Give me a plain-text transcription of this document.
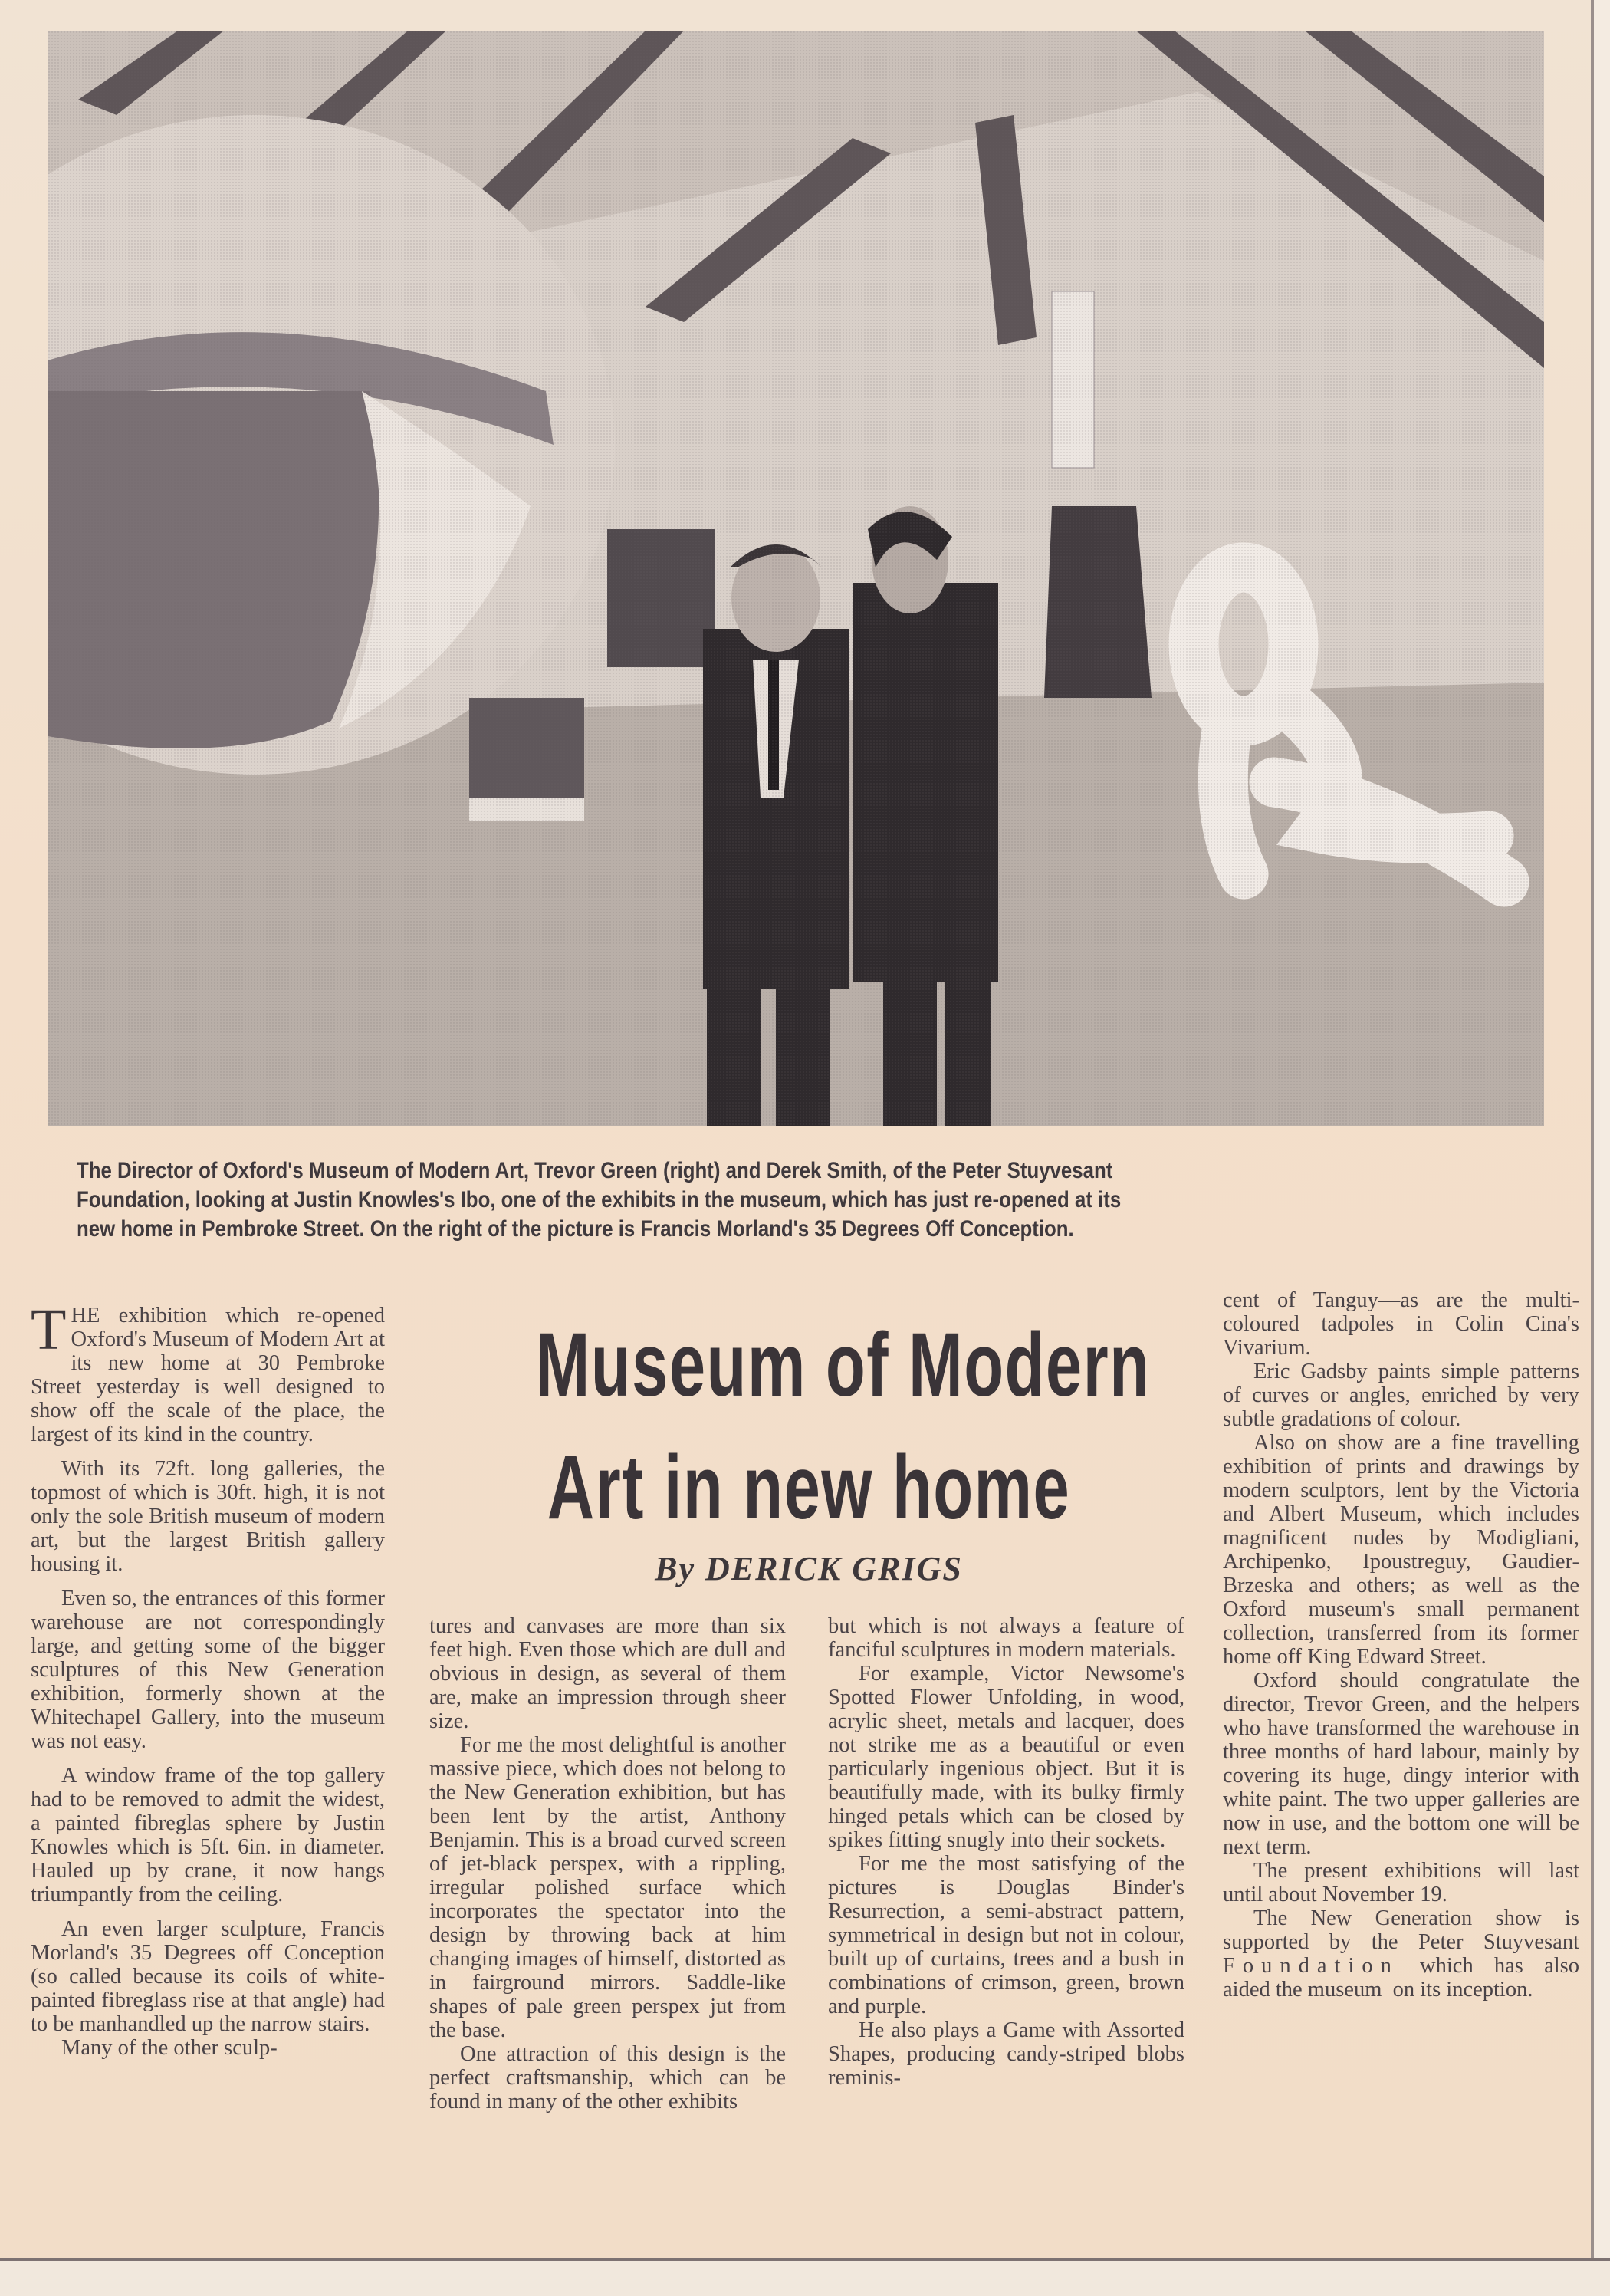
The Director of Oxford's Museum of Modern Art, Trevor Green (right) and Derek Smith, of the Peter Stuyvesant

Foundation, looking at Justin Knowles's Ibo, one of the exhibits in the museum, which has just re-opened at its

new home in Pembroke Street. On the right of the picture is Francis Morland's 35 Degrees Off Conception.

THE exhibition which re-opened Oxford's Museum of Modern Art at its new home at 30 Pembroke Street yesterday is well designed to show off the scale of the place, the largest of its kind in the country.

With its 72ft. long galleries, the topmost of which is 30ft. high, it is not only the sole British museum of modern art, but the largest British gallery housing it.

Even so, the entrances of this former warehouse are not correspondingly large, and getting some of the bigger sculptures of this New Generation exhibition, formerly shown at the Whitechapel Gallery, into the museum was not easy.

A window frame of the top gallery had to be removed to admit the widest, a painted fibreglas sphere by Justin Knowles which is 5ft. 6in. in diameter. Hauled up by crane, it now hangs triumpantly from the ceiling.

An even larger sculpture, Francis Morland's 35 Degrees off Conception (so called because its coils of white-painted fibreglass rise at that angle) had to be manhandled up the narrow stairs.

Many of the other sculp-

Museum of Modern
Art in new home
By DERICK GRIGS

tures and canvases are more than six feet high. Even those which are dull and obvious in design, as several of them are, make an impression through sheer size.

For me the most delightful is another massive piece, which does not belong to the New Generation exhibition, but has been lent by the artist, Anthony Benjamin. This is a broad curved screen of jet-black perspex, with a rippling, irregular polished surface which incorporates the spectator into the design by throwing back at him changing images of himself, distorted as in fairground mirrors. Saddle-like shapes of pale green perspex jut from the base.

One attraction of this design is the perfect craftsmanship, which can be found in many of the other exhibits

but which is not always a feature of fanciful sculptures in modern materials.

For example, Victor Newsome's Spotted Flower Unfolding, in wood, acrylic sheet, metals and lacquer, does not strike me as a beautiful or even particularly ingenious object. But it is beautifully made, with its bulky firmly hinged petals which can be closed by spikes fitting snugly into their sockets.

For me the most satisfying of the pictures is Douglas Binder's Resurrection, a semi-abstract pattern, symmetrical in design but not in colour, built up of curtains, trees and a bush in combinations of crimson, green, brown and purple.

He also plays a Game with Assorted Shapes, producing candy-striped blobs reminis-

cent of Tanguy—as are the multi-coloured tadpoles in Colin Cina's Vivarium.

Eric Gadsby paints simple patterns of curves or angles, enriched by very subtle gradations of colour.

Also on show are a fine travelling exhibition of prints and drawings by modern sculptors, lent by the Victoria and Albert Museum, which includes magnificent nudes by Modigliani, Archipenko, Ipoustreguy, Gaudier-Brzeska and others; as well as the Oxford museum's small permanent collection, transferred from its former home off King Edward Street.

Oxford should congratulate the director, Trevor Green, and the helpers who have transformed the warehouse in three months of hard labour, mainly by covering its huge, dingy interior with white paint. The two upper galleries are now in use, and the bottom one will be next term.

The present exhibitions will last until about November 19.

The New Generation show is supported by the Peter Stuyvesant Foundation which has also aided the museum  on its inception.
